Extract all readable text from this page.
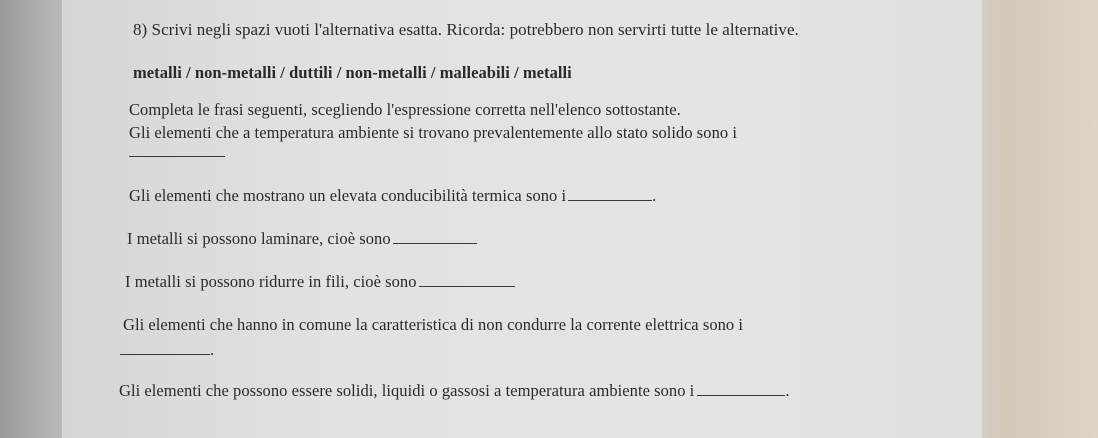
8) Scrivi negli spazi vuoti l'alternativa esatta. Ricorda: potrebbero non servirti tutte le alternative.
metalli / non-metalli / duttili / non-metalli / malleabili / metalli
Completa le frasi seguenti, scegliendo l'espressione corretta nell'elenco sottostante.
Gli elementi che a temperatura ambiente si trovano prevalentemente allo stato solido sono i
Gli elementi che mostrano un elevata conducibilità termica sono i	.
I metalli si possono laminare, cioè sono
I metalli si possono ridurre in fili, cioè sono
Gli elementi che hanno in comune la caratteristica di non condurre la corrente elettrica sono i
.
Gli elementi che possono essere solidi, liquidi o gassosi a temperatura ambiente sono i	.
